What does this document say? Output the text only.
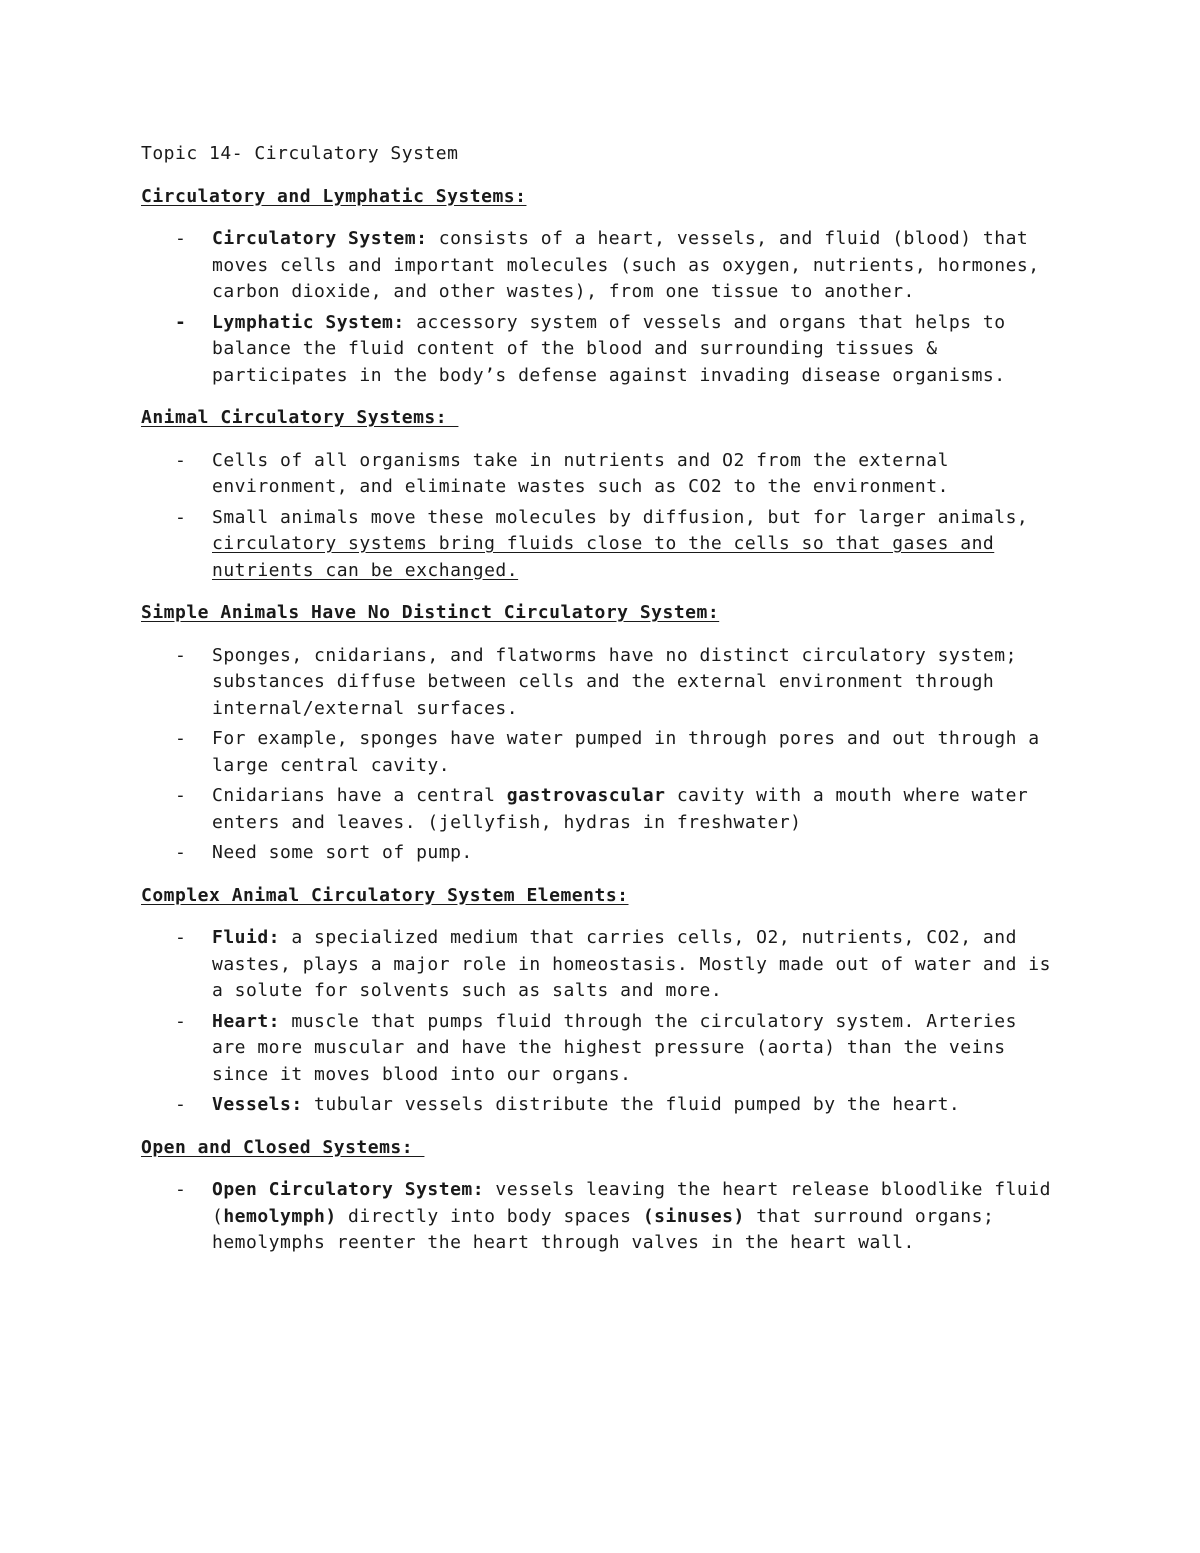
Topic 14- Circulatory System
Circulatory and Lymphatic Systems:
- Circulatory System: consists of a heart, vessels, and fluid (blood) that moves cells and important molecules (such as oxygen, nutrients, hormones, carbon dioxide, and other wastes), from one tissue to another.
- Lymphatic System: accessory system of vessels and organs that helps to balance the fluid content of the blood and surrounding tissues & participates in the body’s defense against invading disease organisms.
Animal Circulatory Systems:
- Cells of all organisms take in nutrients and O2 from the external environment, and eliminate wastes such as CO2 to the environment.
- Small animals move these molecules by diffusion, but for larger animals, circulatory systems bring fluids close to the cells so that gases and nutrients can be exchanged.
Simple Animals Have No Distinct Circulatory System:
- Sponges, cnidarians, and flatworms have no distinct circulatory system; substances diffuse between cells and the external environment through internal/external surfaces.
- For example, sponges have water pumped in through pores and out through a large central cavity.
- Cnidarians have a central gastrovascular cavity with a mouth where water enters and leaves. (jellyfish, hydras in freshwater)
- Need some sort of pump.
Complex Animal Circulatory System Elements:
- Fluid: a specialized medium that carries cells, O2, nutrients, CO2, and wastes, plays a major role in homeostasis. Mostly made out of water and is a solute for solvents such as salts and more.
- Heart: muscle that pumps fluid through the circulatory system. Arteries are more muscular and have the highest pressure (aorta) than the veins since it moves blood into our organs.
- Vessels: tubular vessels distribute the fluid pumped by the heart.
Open and Closed Systems:
- Open Circulatory System: vessels leaving the heart release bloodlike fluid (hemolymph) directly into body spaces (sinuses) that surround organs; hemolymphs reenter the heart through valves in the heart wall.
